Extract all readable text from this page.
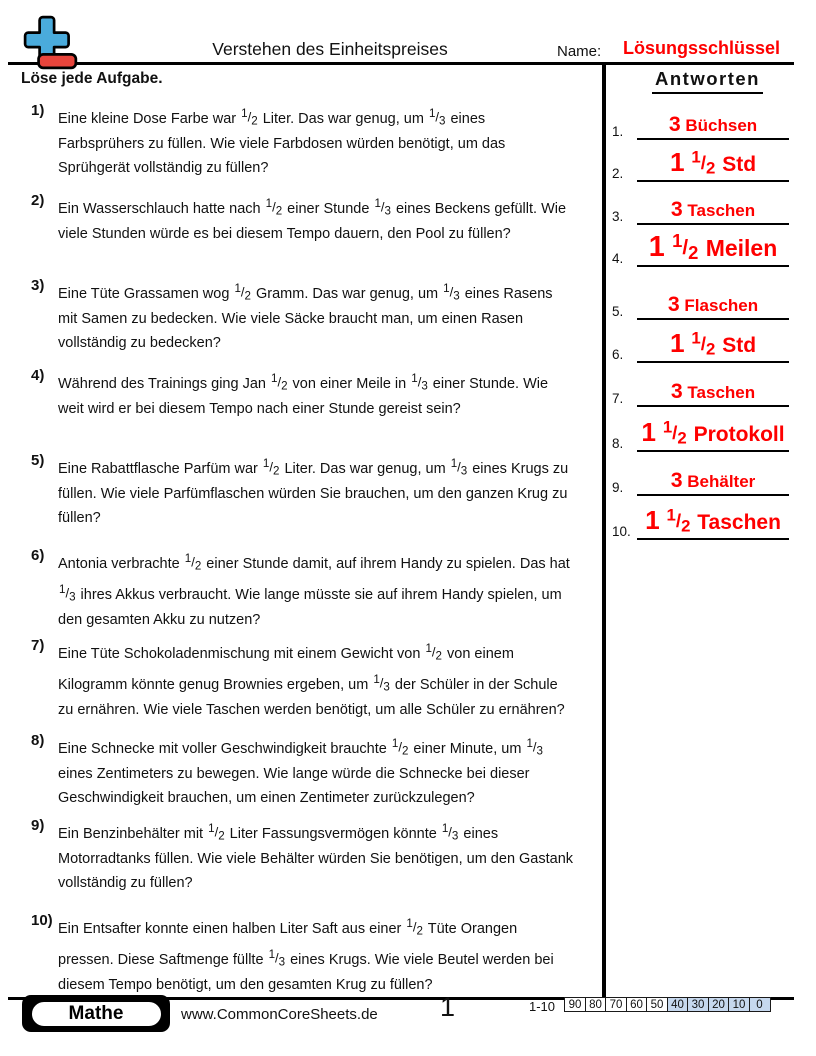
Verstehen des Einheitspreises	Name: Lösungsschlüssel
Löse jede Aufgabe.	Antworten
1.	3 Büchsen
2.	1 $^1/_2$ Std
3.	3 Taschen
4.	1 $^1/_2$ Meilen
5.	3 Flaschen
6.	1 $^1/_2$ Std
7.	3 Taschen
8. 1 $^1/_2$ Protokoll
9.	3 Behälter
10. 1 $^1/_2$ Taschen
1) Eine kleine Dose Farbe war $^1/_2$ Liter. Das war genug, um $^1/_3$ eines Farbsprühers zu füllen. Wie viele Farbdosen würden benötigt, um das Sprühgerät vollständig zu füllen?
2) Ein Wasserschlauch hatte nach $^1/_2$ einer Stunde $^1/_3$ eines Beckens gefüllt. Wie viele Stunden würde es bei diesem Tempo dauern, den Pool zu füllen?
3) Eine Tüte Grassamen wog $^1/_2$ Gramm. Das war genug, um $^1/_3$ eines Rasens mit Samen zu bedecken. Wie viele Säcke braucht man, um einen Rasen vollständig zu bedecken?
4) Während des Trainings ging Jan $^1/_2$ von einer Meile in $^1/_3$ einer Stunde. Wie weit wird er bei diesem Tempo nach einer Stunde gereist sein?
5) Eine Rabattflasche Parfüm war $^1/_2$ Liter. Das war genug, um $^1/_3$ eines Krugs zu füllen. Wie viele Parfümflaschen würden Sie brauchen, um den ganzen Krug zu füllen?
6) Antonia verbrachte $^1/_2$ einer Stunde damit, auf ihrem Handy zu spielen. Das hat $^1/_3$ ihres Akkus verbraucht. Wie lange müsste sie auf ihrem Handy spielen, um den gesamten Akku zu nutzen?
7) Eine Tüte Schokoladenmischung mit einem Gewicht von $^1/_2$ von einem Kilogramm könnte genug Brownies ergeben, um $^1/_3$ der Schüler in der Schule zu ernähren. Wie viele Taschen werden benötigt, um alle Schüler zu ernähren?
8) Eine Schnecke mit voller Geschwindigkeit brauchte $^1/_2$ einer Minute, um $^1/_3$ eines Zentimeters zu bewegen. Wie lange würde die Schnecke bei dieser Geschwindigkeit brauchen, um einen Zentimeter zurückzulegen?
9) Ein Benzinbehälter mit $^1/_2$ Liter Fassungsvermögen könnte $^1/_3$ eines Motorradtanks füllen. Wie viele Behälter würden Sie benötigen, um den Gastank vollständig zu füllen?
10) Ein Entsafter konnte einen halben Liter Saft aus einer $^1/_2$ Tüte Orangen pressen. Diese Saftmenge füllte $^1/_3$ eines Krugs. Wie viele Beutel werden bei diesem Tempo benötigt, um den gesamten Krug zu füllen?
Mathe	www.CommonCoreSheets.de 1	1-10	90 80 70 60 50 40 30 20 10 0
